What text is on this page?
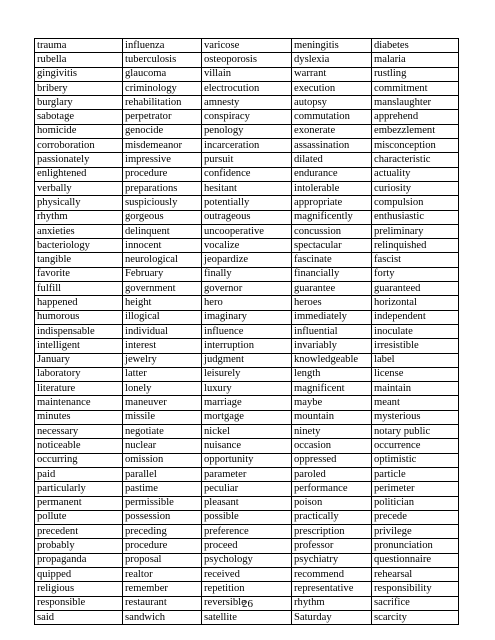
trauma	influenza	varicose	meningitis	diabetes
rubella	tuberculosis	osteoporosis	dyslexia	malaria
gingivitis	glaucoma	villain	warrant	rustling
bribery	criminology	electrocution	execution	commitment
burglary	rehabilitation	amnesty	autopsy	manslaughter
sabotage	perpetrator	conspiracy	commutation	apprehend
homicide	genocide	penology	exonerate	embezzlement
corroboration	misdemeanor	incarceration	assassination	misconception
passionately	impressive	pursuit	dilated	characteristic
enlightened	procedure	confidence	endurance	actuality
verbally	preparations	hesitant	intolerable	curiosity
physically	suspiciously	potentially	appropriate	compulsion
rhythm	gorgeous	outrageous	magnificently	enthusiastic
anxieties	delinquent	uncooperative	concussion	preliminary
bacteriology	innocent	vocalize	spectacular	relinquished
tangible	neurological	jeopardize	fascinate	fascist
favorite	February	finally	financially	forty
fulfill	government	governor	guarantee	guaranteed
happened	height	hero	heroes	horizontal
humorous	illogical	imaginary	immediately	independent
indispensable	individual	influence	influential	inoculate
intelligent	interest	interruption	invariably	irresistible
January	jewelry	judgment	knowledgeable	label
laboratory	latter	leisurely	length	license
literature	lonely	luxury	magnificent	maintain
maintenance	maneuver	marriage	maybe	meant
minutes	missile	mortgage	mountain	mysterious
necessary	negotiate	nickel	ninety	notary public
noticeable	nuclear	nuisance	occasion	occurrence
occurring	omission	opportunity	oppressed	optimistic
paid	parallel	parameter	paroled	particle
particularly	pastime	peculiar	performance	perimeter
permanent	permissible	pleasant	poison	politician
pollute	possession	possible	practically	precede
precedent	preceding	preference	prescription	privilege
probably	procedure	proceed	professor	pronunciation
propaganda	proposal	psychology	psychiatry	questionnaire
quipped	realtor	received	recommend	rehearsal
religious	remember	repetition	representative	responsibility
responsible	restaurant	reversible	rhythm	sacrifice
said	sandwich	satellite	Saturday	scarcity
26
